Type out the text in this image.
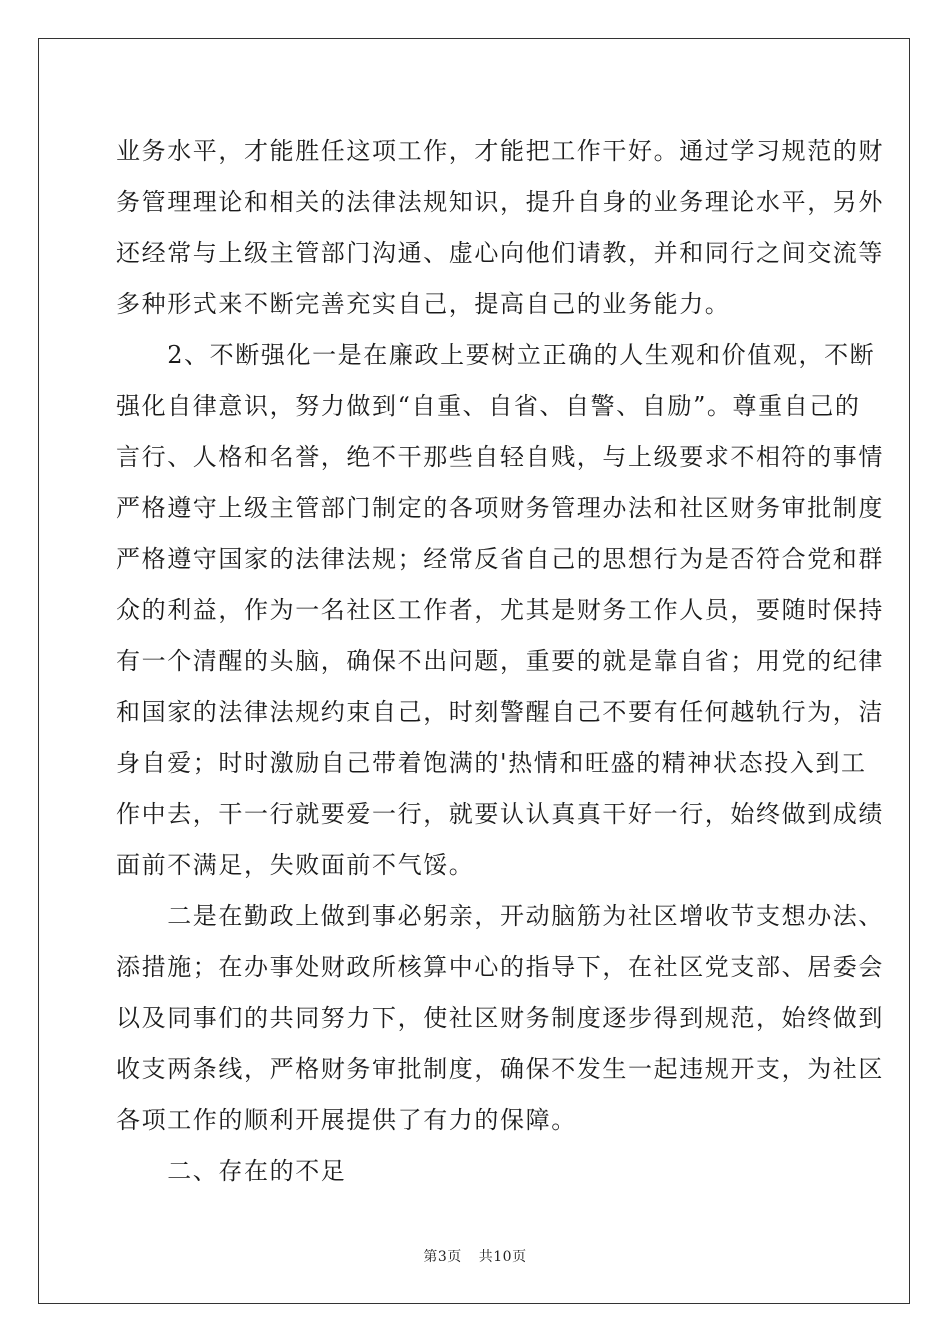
业务水平，才能胜任这项工作，才能把工作干好。通过学习规范的财
务管理理论和相关的法律法规知识，提升自身的业务理论水平，另外
还经常与上级主管部门沟通、虚心向他们请教，并和同行之间交流等
多种形式来不断完善充实自己，提高自己的业务能力。
　　2、不断强化一是在廉政上要树立正确的人生观和价值观，不断
强化自律意识，努力做到“自重、自省、自警、自励”。尊重自己的
言行、人格和名誉，绝不干那些自轻自贱，与上级要求不相符的事情
严格遵守上级主管部门制定的各项财务管理办法和社区财务审批制度
严格遵守国家的法律法规；经常反省自己的思想行为是否符合党和群
众的利益，作为一名社区工作者，尤其是财务工作人员，要随时保持
有一个清醒的头脑，确保不出问题，重要的就是靠自省；用党的纪律
和国家的法律法规约束自己，时刻警醒自己不要有任何越轨行为，洁
身自爱；时时激励自己带着饱满的'热情和旺盛的精神状态投入到工
作中去，干一行就要爱一行，就要认认真真干好一行，始终做到成绩
面前不满足，失败面前不气馁。
　　二是在勤政上做到事必躬亲，开动脑筋为社区增收节支想办法、
添措施；在办事处财政所核算中心的指导下，在社区党支部、居委会
以及同事们的共同努力下，使社区财务制度逐步得到规范，始终做到
收支两条线，严格财务审批制度，确保不发生一起违规开支，为社区
各项工作的顺利开展提供了有力的保障。
　　二、存在的不足
第3页 共10页
